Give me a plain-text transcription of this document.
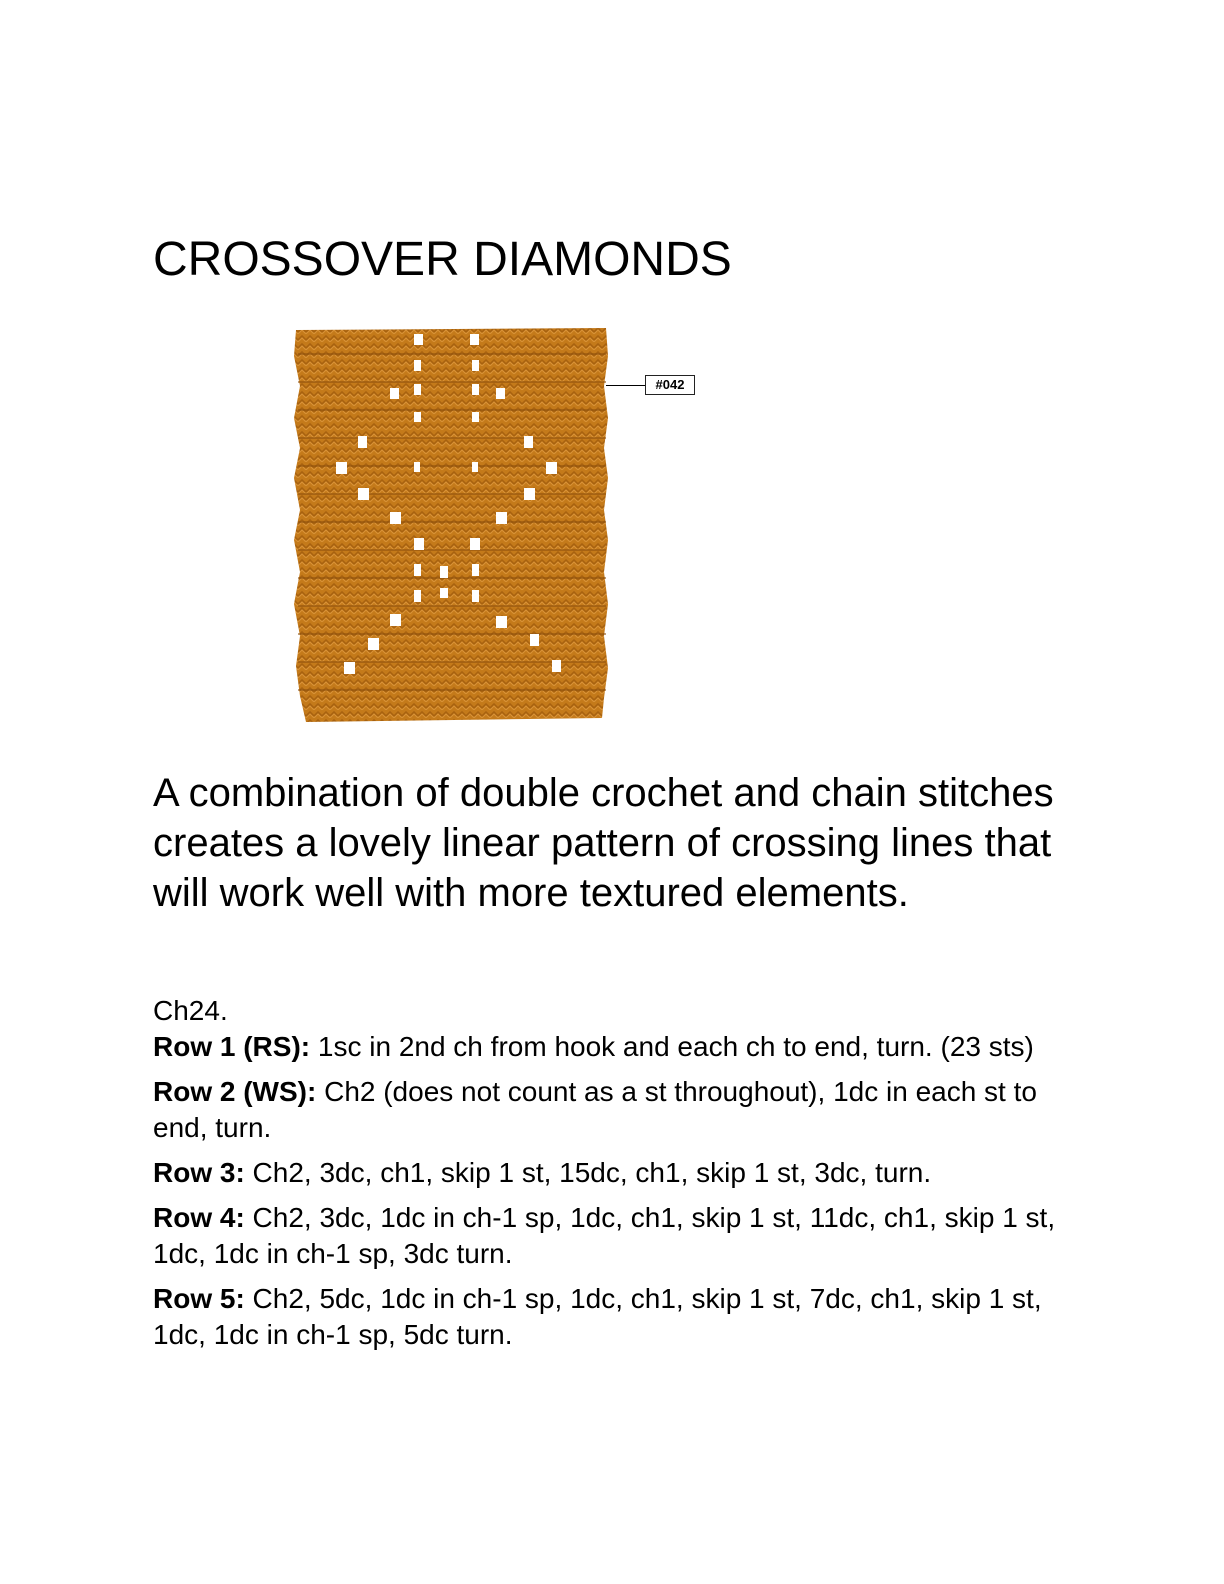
CROSSOVER DIAMONDS
#042

A combination of double crochet and chain stitches creates a lovely linear pattern of crossing lines that will work well with more textured elements.

Ch24.

Row 1 (RS): 1sc in 2nd ch from hook and each ch to end, turn. (23 sts)

Row 2 (WS): Ch2 (does not count as a st throughout), 1dc in each st to end, turn.

Row 3: Ch2, 3dc, ch1, skip 1 st, 15dc, ch1, skip 1 st, 3dc, turn.

Row 4: Ch2, 3dc, 1dc in ch-1 sp, 1dc, ch1, skip 1 st, 11dc, ch1, skip 1 st, 1dc, 1dc in ch-1 sp, 3dc turn.

Row 5: Ch2, 5dc, 1dc in ch-1 sp, 1dc, ch1, skip 1 st, 7dc, ch1, skip 1 st, 1dc, 1dc in ch-1 sp, 5dc turn.
